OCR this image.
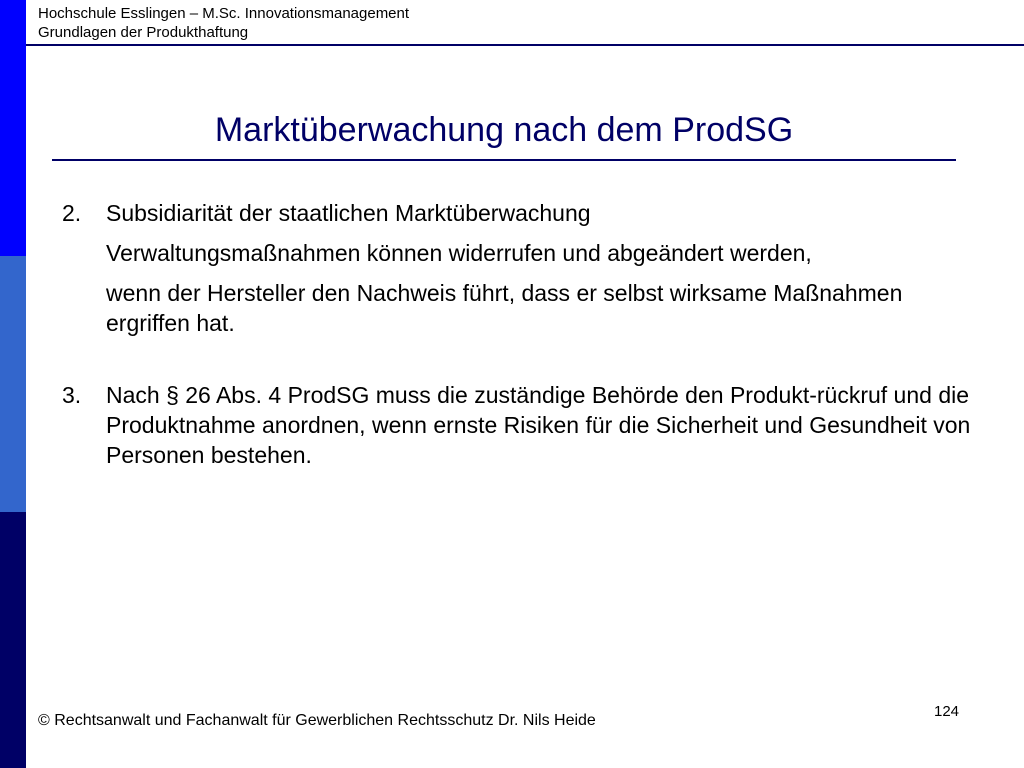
Hochschule Esslingen – M.Sc. Innovationsmanagement
Grundlagen der Produkthaftung
Marktüberwachung nach dem ProdSG
2. Subsidiarität der staatlichen Marktüberwachung

Verwaltungsmaßnahmen können widerrufen und abgeändert werden,

wenn der Hersteller den Nachweis führt, dass er selbst wirksame Maßnahmen ergriffen hat.

3. Nach § 26 Abs. 4 ProdSG muss die zuständige Behörde den Produkt-rückruf und die Produktnahme anordnen, wenn ernste Risiken für die Sicherheit und Gesundheit von Personen bestehen.

124
© Rechtsanwalt und Fachanwalt für Gewerblichen Rechtsschutz Dr. Nils Heide
